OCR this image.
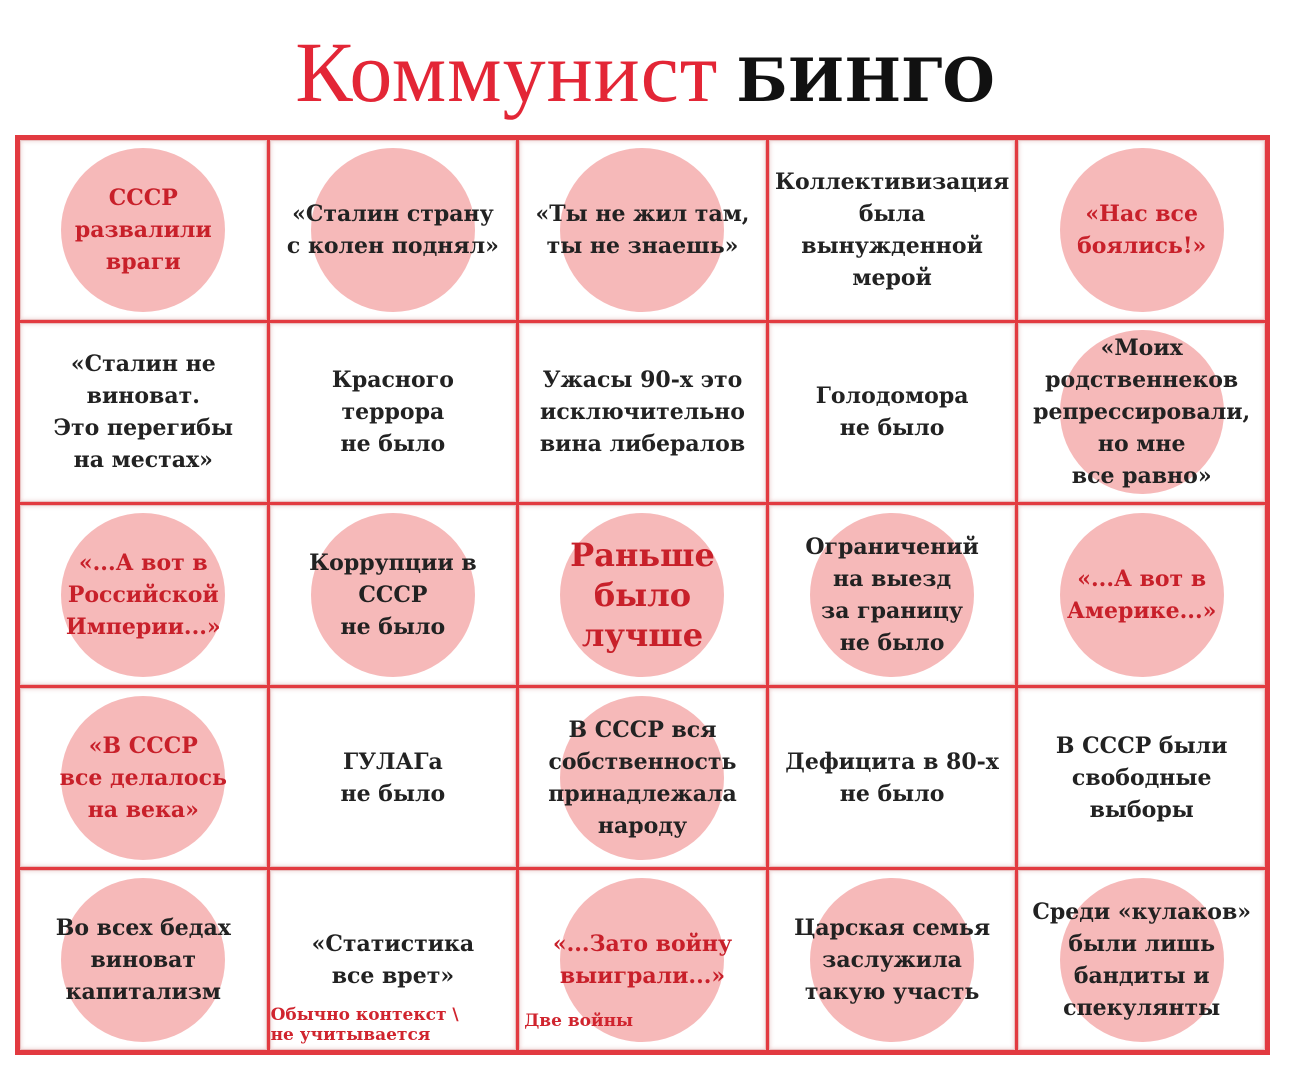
Коммунист БИНГО
СССР
развалили
враги
«Сталин страну
с колен поднял»
«Ты не жил там,
ты не знаешь»
Коллективизация
была
вынужденной
мерой
«Нас все
боялись!»
«Сталин не
виноват.
Это перегибы
на местах»
Красного
террора
не было
Ужасы 90-х это
исключительно
вина либералов
Голодомора
не было
«Моих
родственнеков
репрессировали,
но мне
все равно»
«...А вот в
Российской
Империи...»
Коррупции в
СССР
не было
Раньше
было
лучше
Ограничений
на выезд
за границу
не было
«...А вот в
Америке...»
«В СССР
все делалось
на века»
ГУЛАГа
не было
В СССР вся
собственность
принадлежала
народу
Дефицита в 80-х
не было
В СССР были
свободные
выборы
Во всех бедах
виноват
капитализм
«Статистика
все врет»
Обычно контекст \
не учитывается
«...Зато войну
выиграли...»
Две войны
Царская семья
заслужила
такую участь
Среди «кулаков»
были лишь
бандиты и
спекулянты
